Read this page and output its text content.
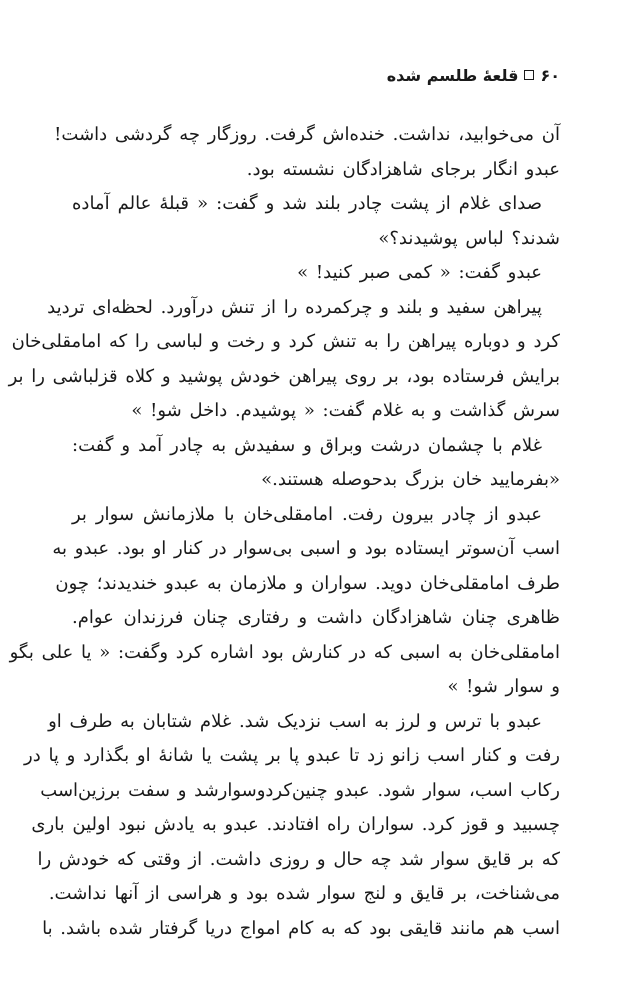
۶۰
قلعهٔ طلسم شده
آن می‌خوابید، نداشت. خنده‌اش گرفت. روزگار چه گردشی داشت!
عبدو انگار برجای شاهزادگان نشسته بود.
صدای غلام از پشت چادر بلند شد و گفت: « قبلهٔ عالم آماده
شدند؟ لباس پوشیدند؟»
عبدو گفت: « کمی صبر کنید! »
پیراهن سفید و بلند و چرکمرده را از تنش درآورد. لحظه‌ای تردید
کرد و دوباره پیراهن را به تنش کرد و رخت و لباسی را که امامقلی‌خان
برایش فرستاده بود، بر روی پیراهن خودش پوشید و کلاه قزلباشی را بر
سرش گذاشت و به غلام گفت: « پوشیدم. داخل شو! »
غلام با چشمان درشت وبراق و سفیدش به چادر آمد و گفت:
«بفرمایید خان بزرگ بدحوصله هستند.»
عبدو از چادر بیرون رفت. امامقلی‌خان با ملازمانش سوار بر
اسب آن‌سوتر ایستاده بود و اسبی بی‌سوار در کنار او بود. عبدو به
طرف امامقلی‌خان دوید. سواران و ملازمان به عبدو خندیدند؛ چون
ظاهری چنان شاهزادگان داشت و رفتاری چنان فرزندان عوام.
امامقلی‌خان به اسبی که در کنارش بود اشاره کرد وگفت: « یا علی بگو
و سوار شو! »
عبدو با ترس و لرز به اسب نزدیک شد. غلام شتابان به طرف او
رفت و کنار اسب زانو زد تا عبدو پا بر پشت یا شانهٔ او بگذارد و پا در
رکاب اسب، سوار شود. عبدو چنین‌کردوسوارشد و سفت برزین‌اسب
چسبید و قوز کرد. سواران راه افتادند. عبدو به یادش نبود اولین باری
که بر قایق سوار شد چه حال و روزی داشت. از وقتی که خودش را
می‌شناخت، بر قایق و لنج سوار شده بود و هراسی از آنها نداشت.
اسب هم مانند قایقی بود که به کام امواج دریا گرفتار شده باشد. با
